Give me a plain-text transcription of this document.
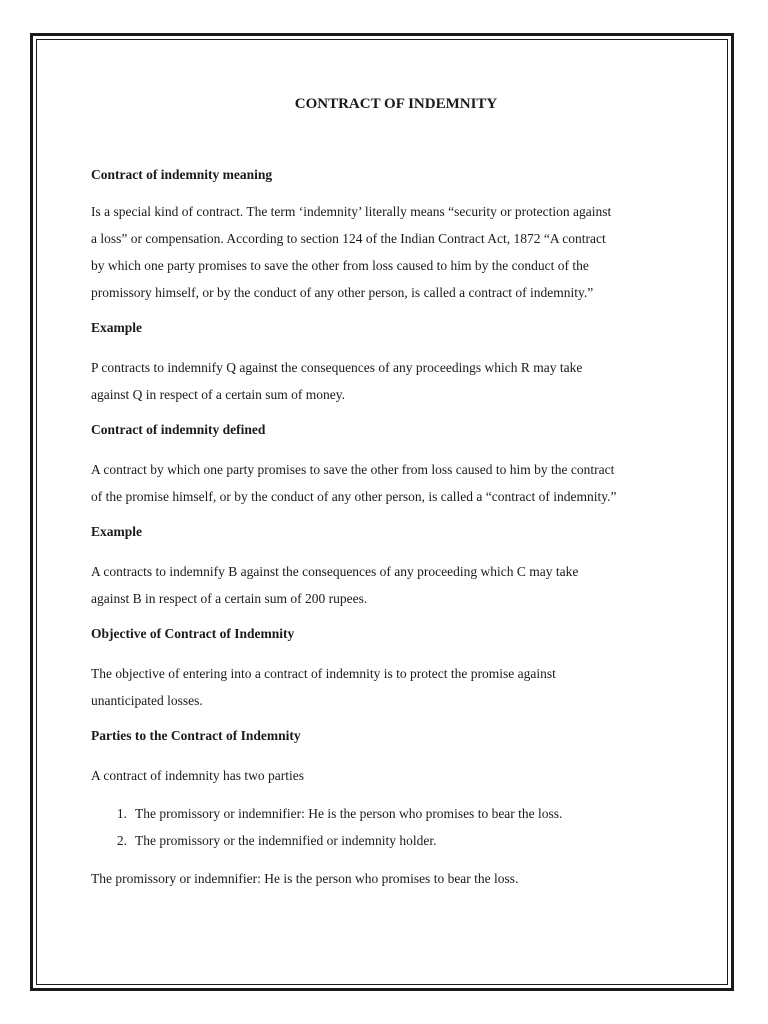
CONTRACT OF INDEMNITY

Contract of indemnity meaning

Is a special kind of contract. The term ‘indemnity’ literally means “security or protection against

a loss” or compensation. According to section 124 of the Indian Contract Act, 1872 “A contract

by which one party promises to save the other from loss caused to him by the conduct of the

promissory himself, or by the conduct of any other person, is called a contract of indemnity.”

Example

P contracts to indemnify Q against the consequences of any proceedings which R may take

against Q in respect of a certain sum of money.

Contract of indemnity defined

A contract by which one party promises to save the other from loss caused to him by the contract

of the promise himself, or by the conduct of any other person, is called a “contract of indemnity.”

Example

A contracts to indemnify B against the consequences of any proceeding which C may take

against B in respect of a certain sum of 200 rupees.

Objective of Contract of Indemnity

The objective of entering into a contract of indemnity is to protect the promise against

unanticipated losses.

Parties to the Contract of Indemnity

A contract of indemnity has two parties

1. The promissory or indemnifier: He is the person who promises to bear the loss.
2. The promissory or the indemnified or indemnity holder.

The promissory or indemnifier: He is the person who promises to bear the loss.
